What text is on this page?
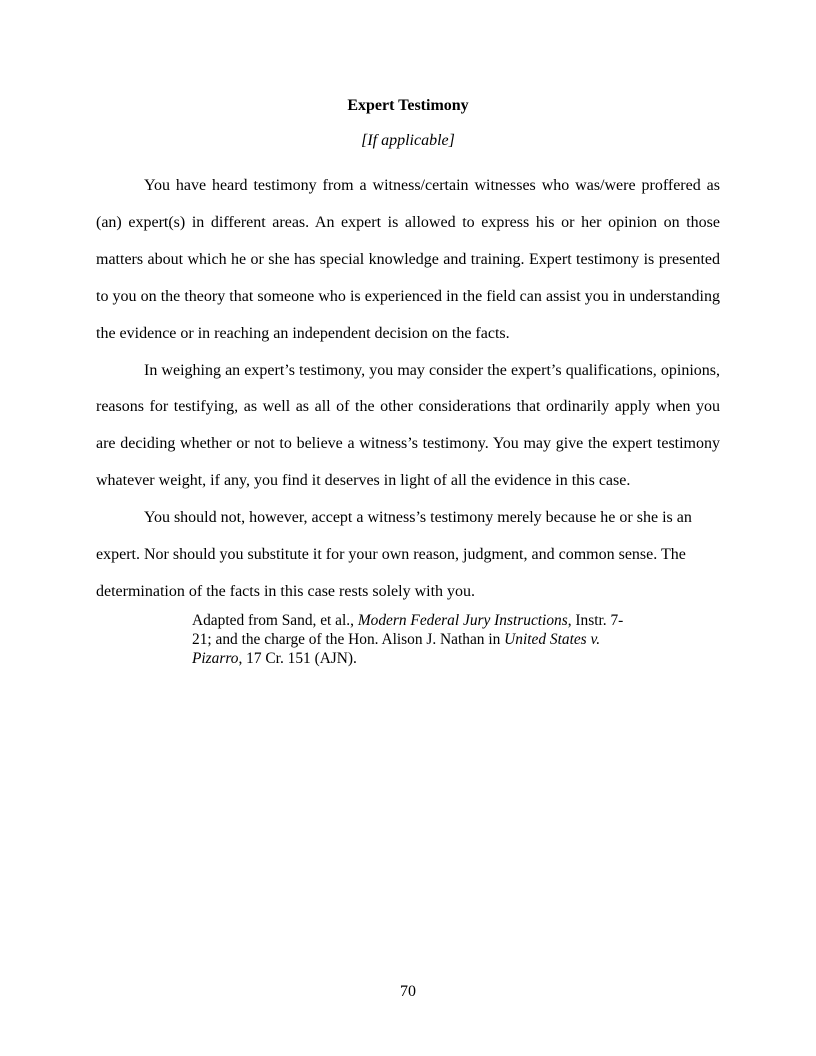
Expert Testimony
[If applicable]

You have heard testimony from a witness/certain witnesses who was/were proffered as (an) expert(s) in different areas. An expert is allowed to express his or her opinion on those matters about which he or she has special knowledge and training. Expert testimony is presented to you on the theory that someone who is experienced in the field can assist you in understanding the evidence or in reaching an independent decision on the facts.

In weighing an expert’s testimony, you may consider the expert’s qualifications, opinions, reasons for testifying, as well as all of the other considerations that ordinarily apply when you are deciding whether or not to believe a witness’s testimony. You may give the expert testimony whatever weight, if any, you find it deserves in light of all the evidence in this case.

You should not, however, accept a witness’s testimony merely because he or she is an expert. Nor should you substitute it for your own reason, judgment, and common sense. The determination of the facts in this case rests solely with you.

Adapted from Sand, et al., Modern Federal Jury Instructions, Instr. 7-21; and the charge of the Hon. Alison J. Nathan in United States v. Pizarro, 17 Cr. 151 (AJN).

70
